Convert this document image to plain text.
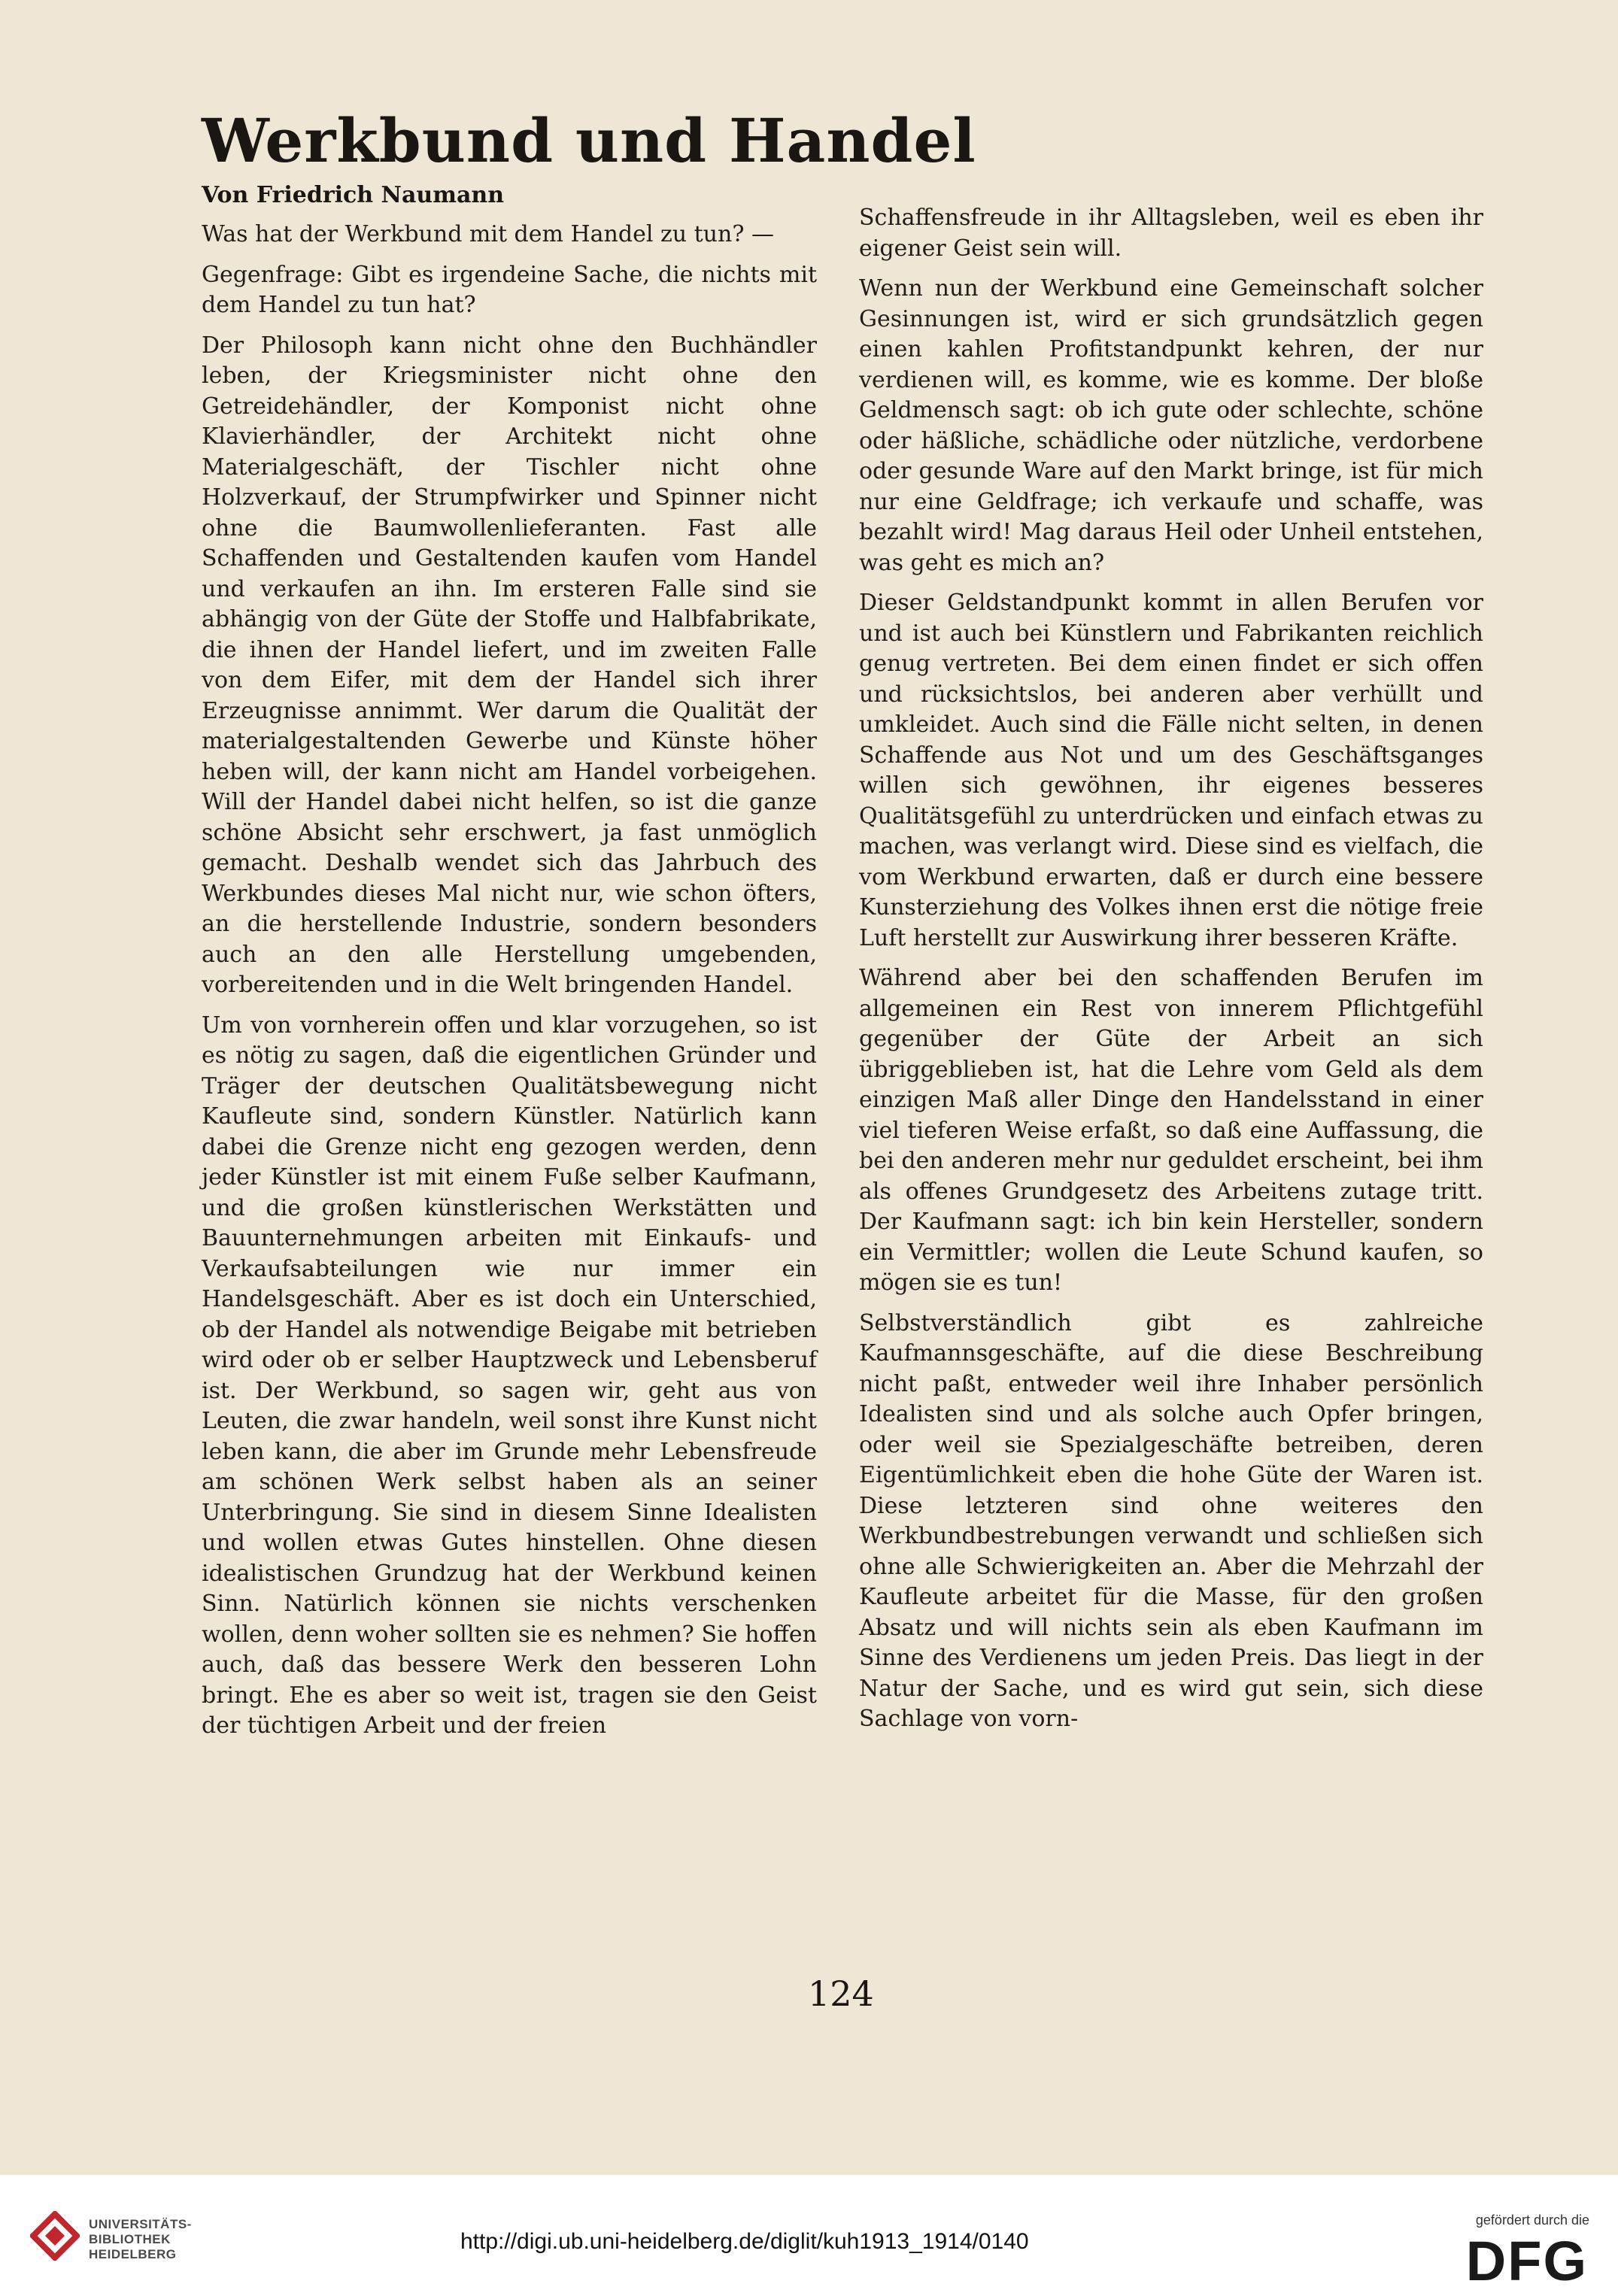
Werkbund und Handel
Von Friedrich Naumann

Was hat der Werkbund mit dem Handel zu tun? —

Gegenfrage: Gibt es irgendeine Sache, die nichts mit dem Handel zu tun hat?

Der Philosoph kann nicht ohne den Buchhändler leben, der Kriegsminister nicht ohne den Getreidehändler, der Komponist nicht ohne Klavierhändler, der Architekt nicht ohne Materialgeschäft, der Tischler nicht ohne Holzverkauf, der Strumpfwirker und Spinner nicht ohne die Baumwollenlieferanten. Fast alle Schaffenden und Gestaltenden kaufen vom Handel und verkaufen an ihn. Im ersteren Falle sind sie abhängig von der Güte der Stoffe und Halbfabrikate, die ihnen der Handel liefert, und im zweiten Falle von dem Eifer, mit dem der Handel sich ihrer Erzeugnisse annimmt. Wer darum die Qualität der materialgestaltenden Gewerbe und Künste höher heben will, der kann nicht am Handel vorbeigehen. Will der Handel dabei nicht helfen, so ist die ganze schöne Absicht sehr erschwert, ja fast unmöglich gemacht. Deshalb wendet sich das Jahrbuch des Werkbundes dieses Mal nicht nur, wie schon öfters, an die herstellende Industrie, sondern besonders auch an den alle Herstellung umgebenden, vorbereitenden und in die Welt bringenden Handel.

Um von vornherein offen und klar vorzugehen, so ist es nötig zu sagen, daß die eigentlichen Gründer und Träger der deutschen Qualitätsbewegung nicht Kaufleute sind, sondern Künstler. Natürlich kann dabei die Grenze nicht eng gezogen werden, denn jeder Künstler ist mit einem Fuße selber Kaufmann, und die großen künstlerischen Werkstätten und Bauunternehmungen arbeiten mit Einkaufs- und Verkaufsabteilungen wie nur immer ein Handelsgeschäft. Aber es ist doch ein Unterschied, ob der Handel als notwendige Beigabe mit betrieben wird oder ob er selber Hauptzweck und Lebensberuf ist. Der Werkbund, so sagen wir, geht aus von Leuten, die zwar handeln, weil sonst ihre Kunst nicht leben kann, die aber im Grunde mehr Lebensfreude am schönen Werk selbst haben als an seiner Unterbringung. Sie sind in diesem Sinne Idealisten und wollen etwas Gutes hinstellen. Ohne diesen idealistischen Grundzug hat der Werkbund keinen Sinn. Natürlich können sie nichts verschenken wollen, denn woher sollten sie es nehmen? Sie hoffen auch, daß das bessere Werk den besseren Lohn bringt. Ehe es aber so weit ist, tragen sie den Geist der tüchtigen Arbeit und der freien

Schaffensfreude in ihr Alltagsleben, weil es eben ihr eigener Geist sein will.

Wenn nun der Werkbund eine Gemeinschaft solcher Gesinnungen ist, wird er sich grundsätzlich gegen einen kahlen Profitstandpunkt kehren, der nur verdienen will, es komme, wie es komme. Der bloße Geldmensch sagt: ob ich gute oder schlechte, schöne oder häßliche, schädliche oder nützliche, verdorbene oder gesunde Ware auf den Markt bringe, ist für mich nur eine Geldfrage; ich verkaufe und schaffe, was bezahlt wird! Mag daraus Heil oder Unheil entstehen, was geht es mich an?

Dieser Geldstandpunkt kommt in allen Berufen vor und ist auch bei Künstlern und Fabrikanten reichlich genug vertreten. Bei dem einen findet er sich offen und rücksichtslos, bei anderen aber verhüllt und umkleidet. Auch sind die Fälle nicht selten, in denen Schaffende aus Not und um des Geschäftsganges willen sich gewöhnen, ihr eigenes besseres Qualitätsgefühl zu unterdrücken und einfach etwas zu machen, was verlangt wird. Diese sind es vielfach, die vom Werkbund erwarten, daß er durch eine bessere Kunsterziehung des Volkes ihnen erst die nötige freie Luft herstellt zur Auswirkung ihrer besseren Kräfte.

Während aber bei den schaffenden Berufen im allgemeinen ein Rest von innerem Pflichtgefühl gegenüber der Güte der Arbeit an sich übriggeblieben ist, hat die Lehre vom Geld als dem einzigen Maß aller Dinge den Handelsstand in einer viel tieferen Weise erfaßt, so daß eine Auffassung, die bei den anderen mehr nur geduldet erscheint, bei ihm als offenes Grundgesetz des Arbeitens zutage tritt. Der Kaufmann sagt: ich bin kein Hersteller, sondern ein Vermittler; wollen die Leute Schund kaufen, so mögen sie es tun!

Selbstverständlich gibt es zahlreiche Kaufmannsgeschäfte, auf die diese Beschreibung nicht paßt, entweder weil ihre Inhaber persönlich Idealisten sind und als solche auch Opfer bringen, oder weil sie Spezialgeschäfte betreiben, deren Eigentümlichkeit eben die hohe Güte der Waren ist. Diese letzteren sind ohne weiteres den Werkbundbestrebungen verwandt und schließen sich ohne alle Schwierigkeiten an. Aber die Mehrzahl der Kaufleute arbeitet für die Masse, für den großen Absatz und will nichts sein als eben Kaufmann im Sinne des Verdienens um jeden Preis. Das liegt in der Natur der Sache, und es wird gut sein, sich diese Sachlage von vorn-

124
UNIVERSITÄTS-
BIBLIOTHEK
HEIDELBERG
http://digi.ub.uni-heidelberg.de/diglit/kuh1913_1914/0140
gefördert durch die
DFG
